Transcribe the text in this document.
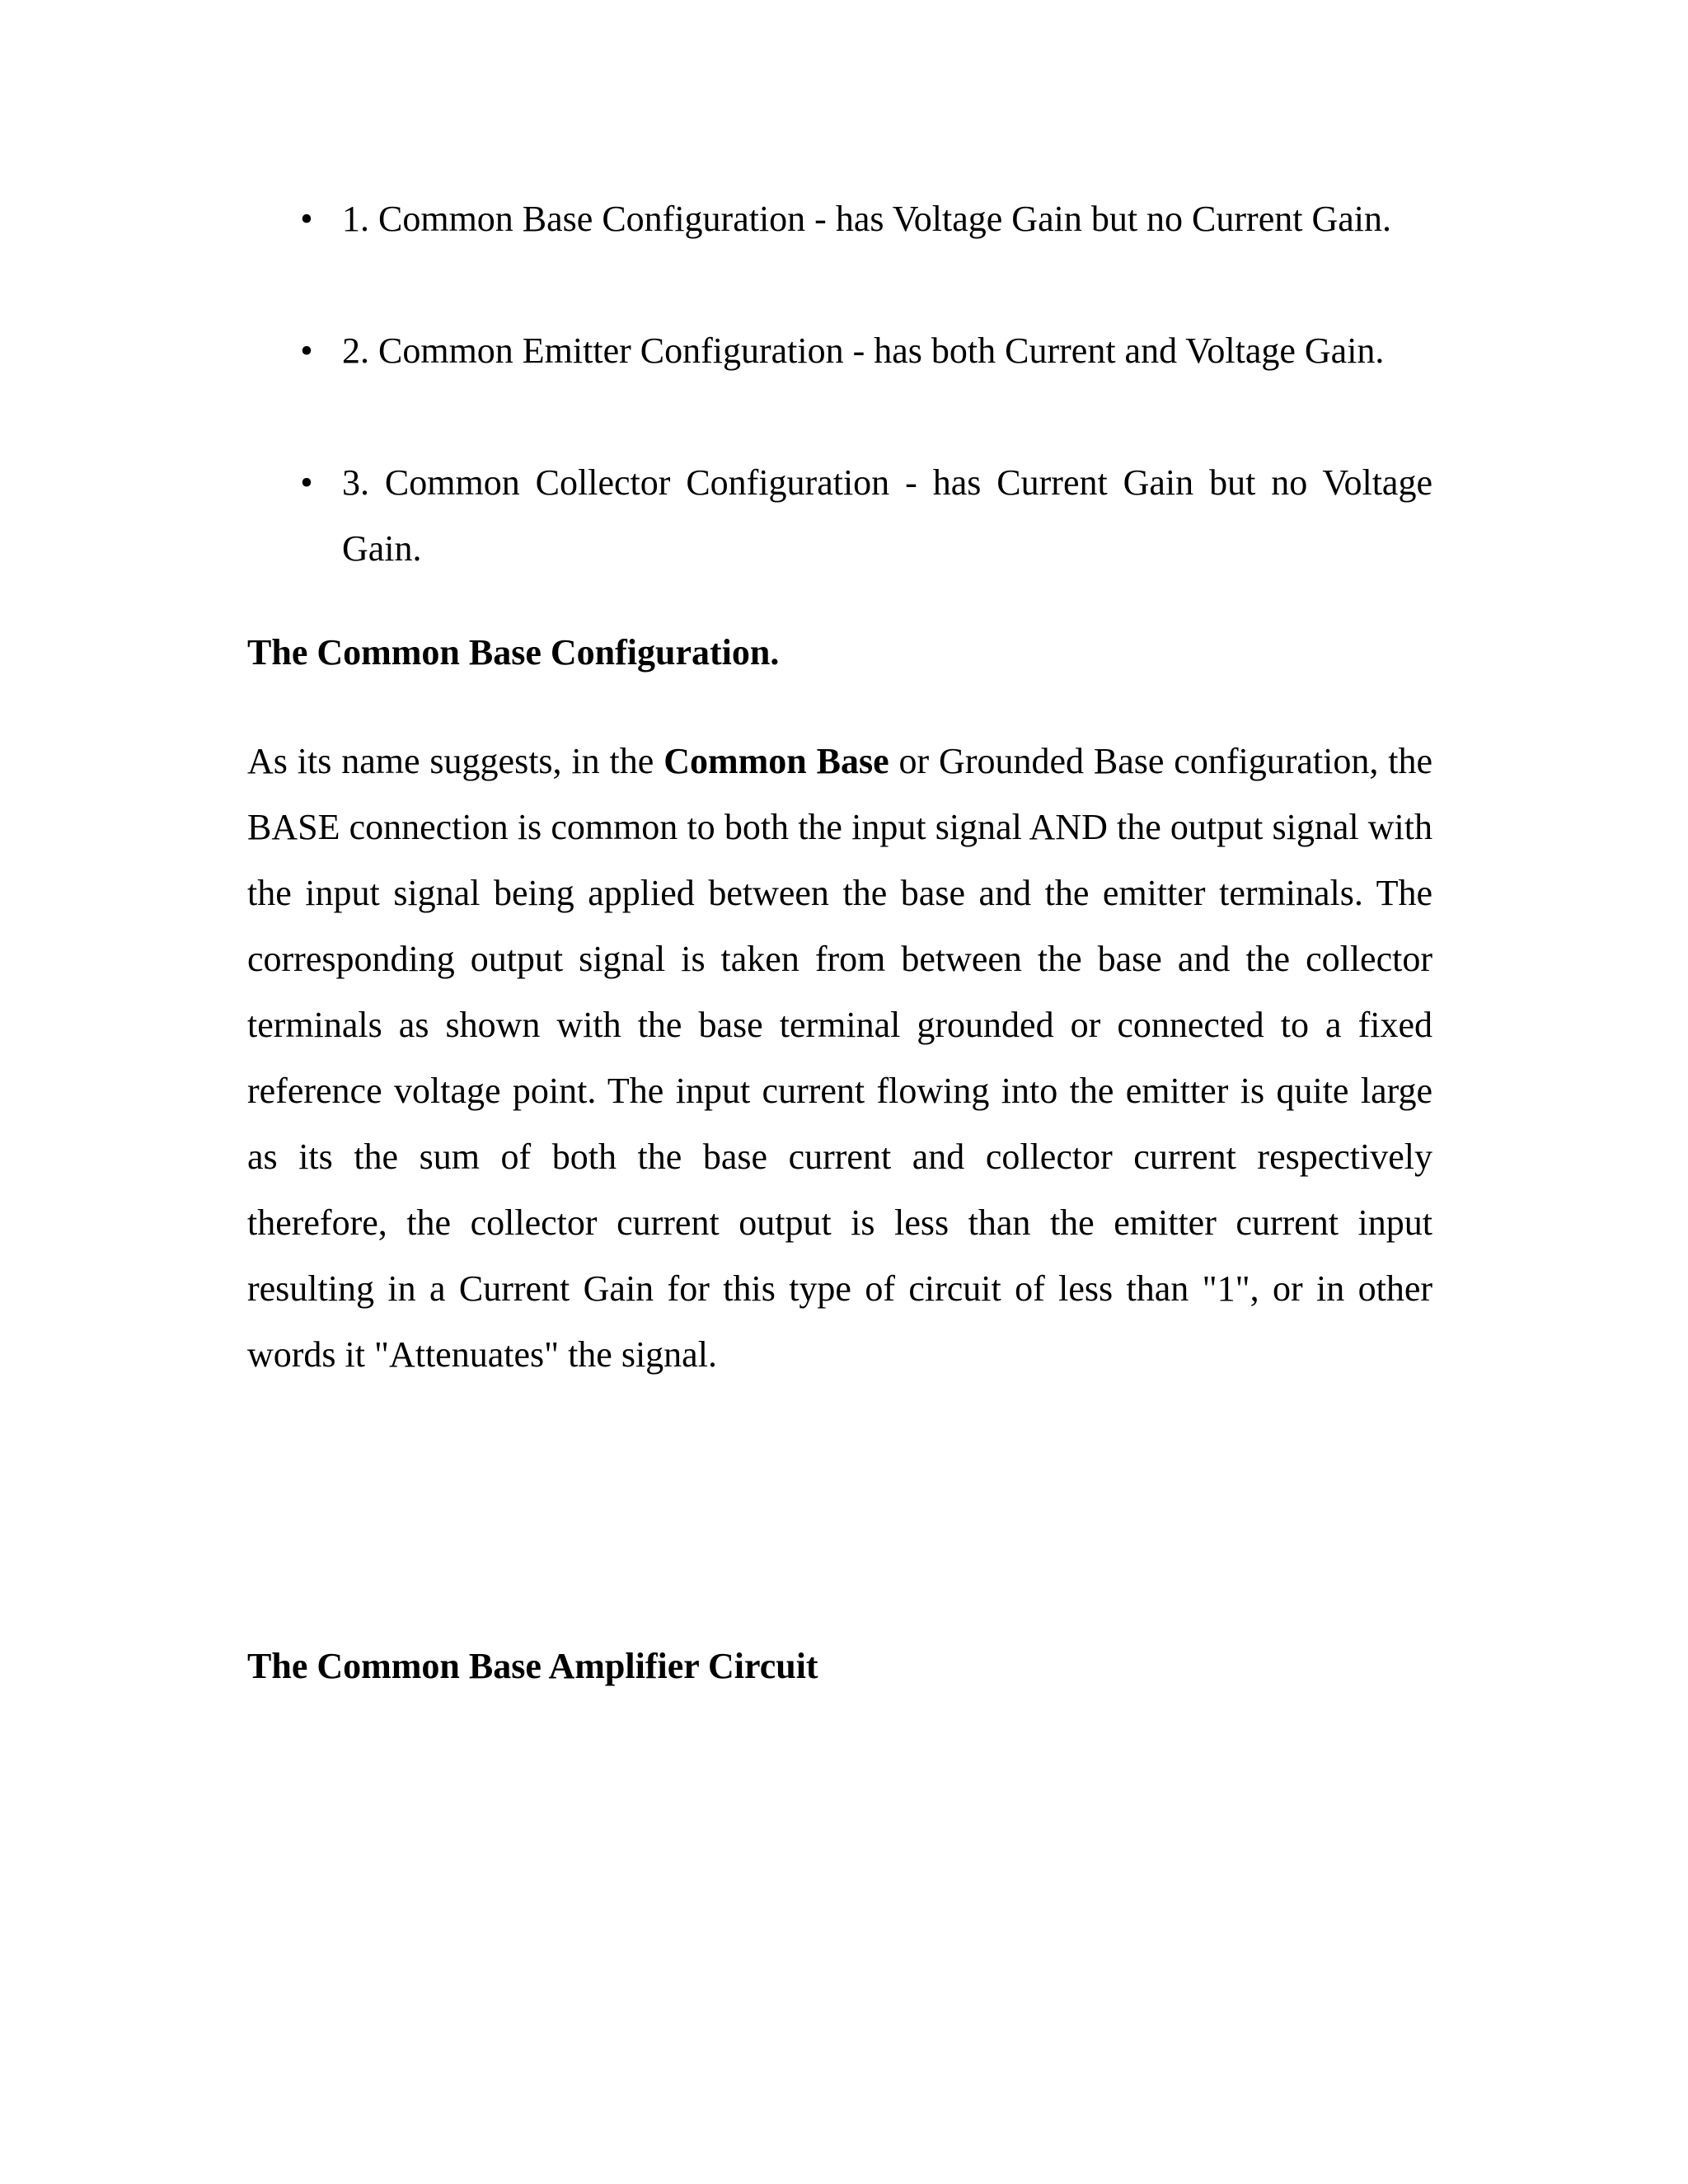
• 1. Common Base Configuration - has Voltage Gain but no Current Gain.
• 2. Common Emitter Configuration - has both Current and Voltage Gain.
• 3. Common Collector Configuration - has Current Gain but no Voltage Gain.
The Common Base Configuration.

As its name suggests, in the Common Base or Grounded Base configuration, the BASE connection is common to both the input signal AND the output signal with the input signal being applied between the base and the emitter terminals. The corresponding output signal is taken from between the base and the collector terminals as shown with the base terminal grounded or connected to a fixed reference voltage point. The input current flowing into the emitter is quite large as its the sum of both the base current and collector current respectively therefore, the collector current output is less than the emitter current input resulting in a Current Gain for this type of circuit of less than "1", or in other words it "Attenuates" the signal.

The Common Base Amplifier Circuit
